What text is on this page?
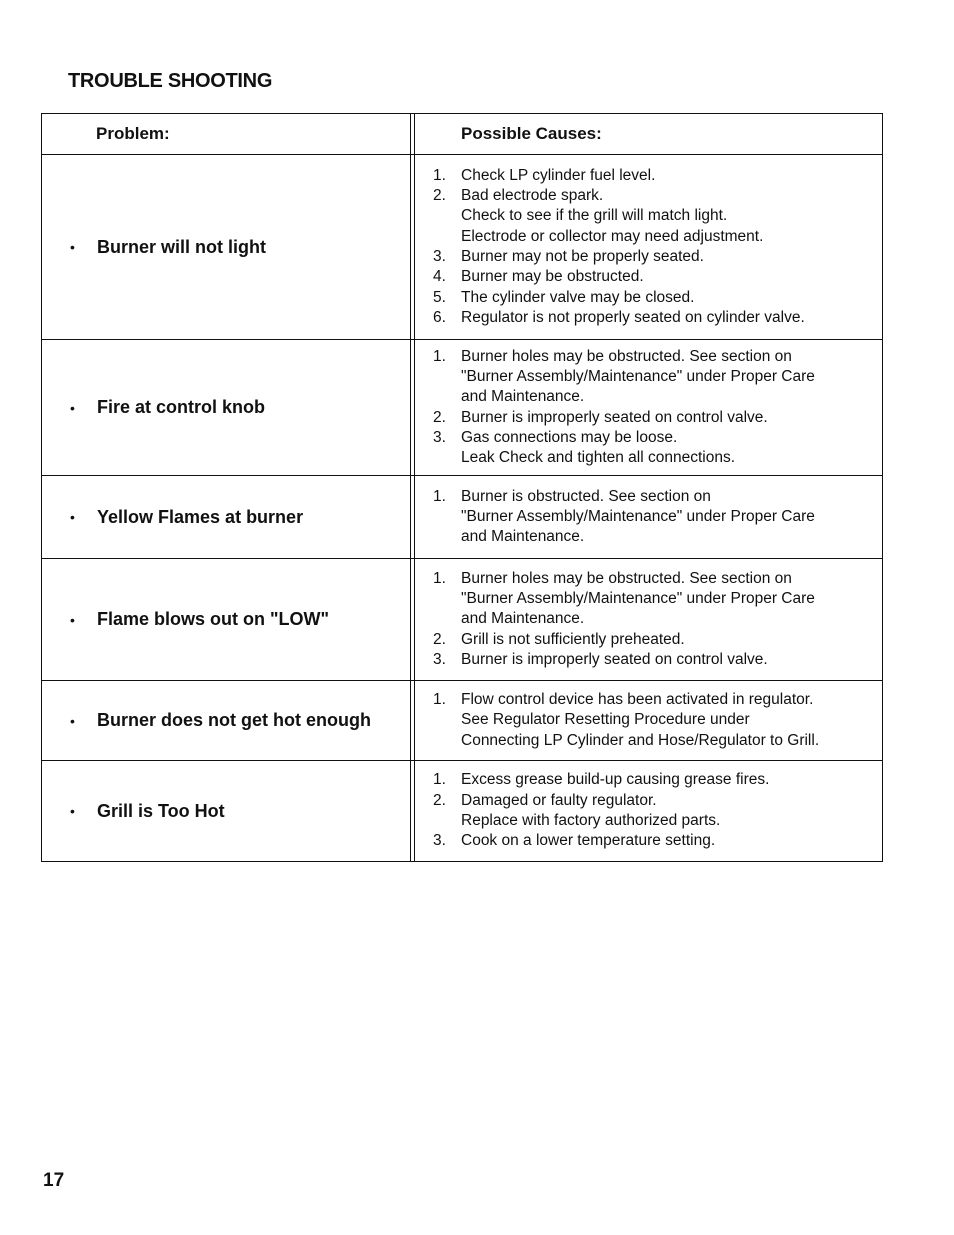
TROUBLE SHOOTING
Problem:	Possible Causes:
•	Burner will not light
1. Check LP cylinder fuel level.
2. Bad electrode spark.
Check to see if the grill will match light.
Electrode or collector may need adjustment.
3. Burner may not be properly seated.
4. Burner may be obstructed.
5. The cylinder valve may be closed.
6. Regulator is not properly seated on cylinder valve.
•	Fire at control knob
1. Burner holes may be obstructed. See section on
"Burner Assembly/Maintenance" under Proper Care
and Maintenance.
2. Burner is improperly seated on control valve.
3. Gas connections may be loose.
Leak Check and tighten all connections.
•	Yellow Flames at burner
1. Burner is obstructed. See section on
"Burner Assembly/Maintenance" under Proper Care
and Maintenance.
•	Flame blows out on "LOW"
1. Burner holes may be obstructed. See section on
"Burner Assembly/Maintenance" under Proper Care
and Maintenance.
2. Grill is not sufficiently preheated.
3. Burner is improperly seated on control valve.
•	Burner does not get hot enough
1. Flow control device has been activated in regulator.
See Regulator Resetting Procedure under
Connecting LP Cylinder and Hose/Regulator to Grill.
•	Grill is Too Hot
1. Excess grease build-up causing grease fires.
2. Damaged or faulty regulator.
Replace with factory authorized parts.
3. Cook on a lower temperature setting.
17
